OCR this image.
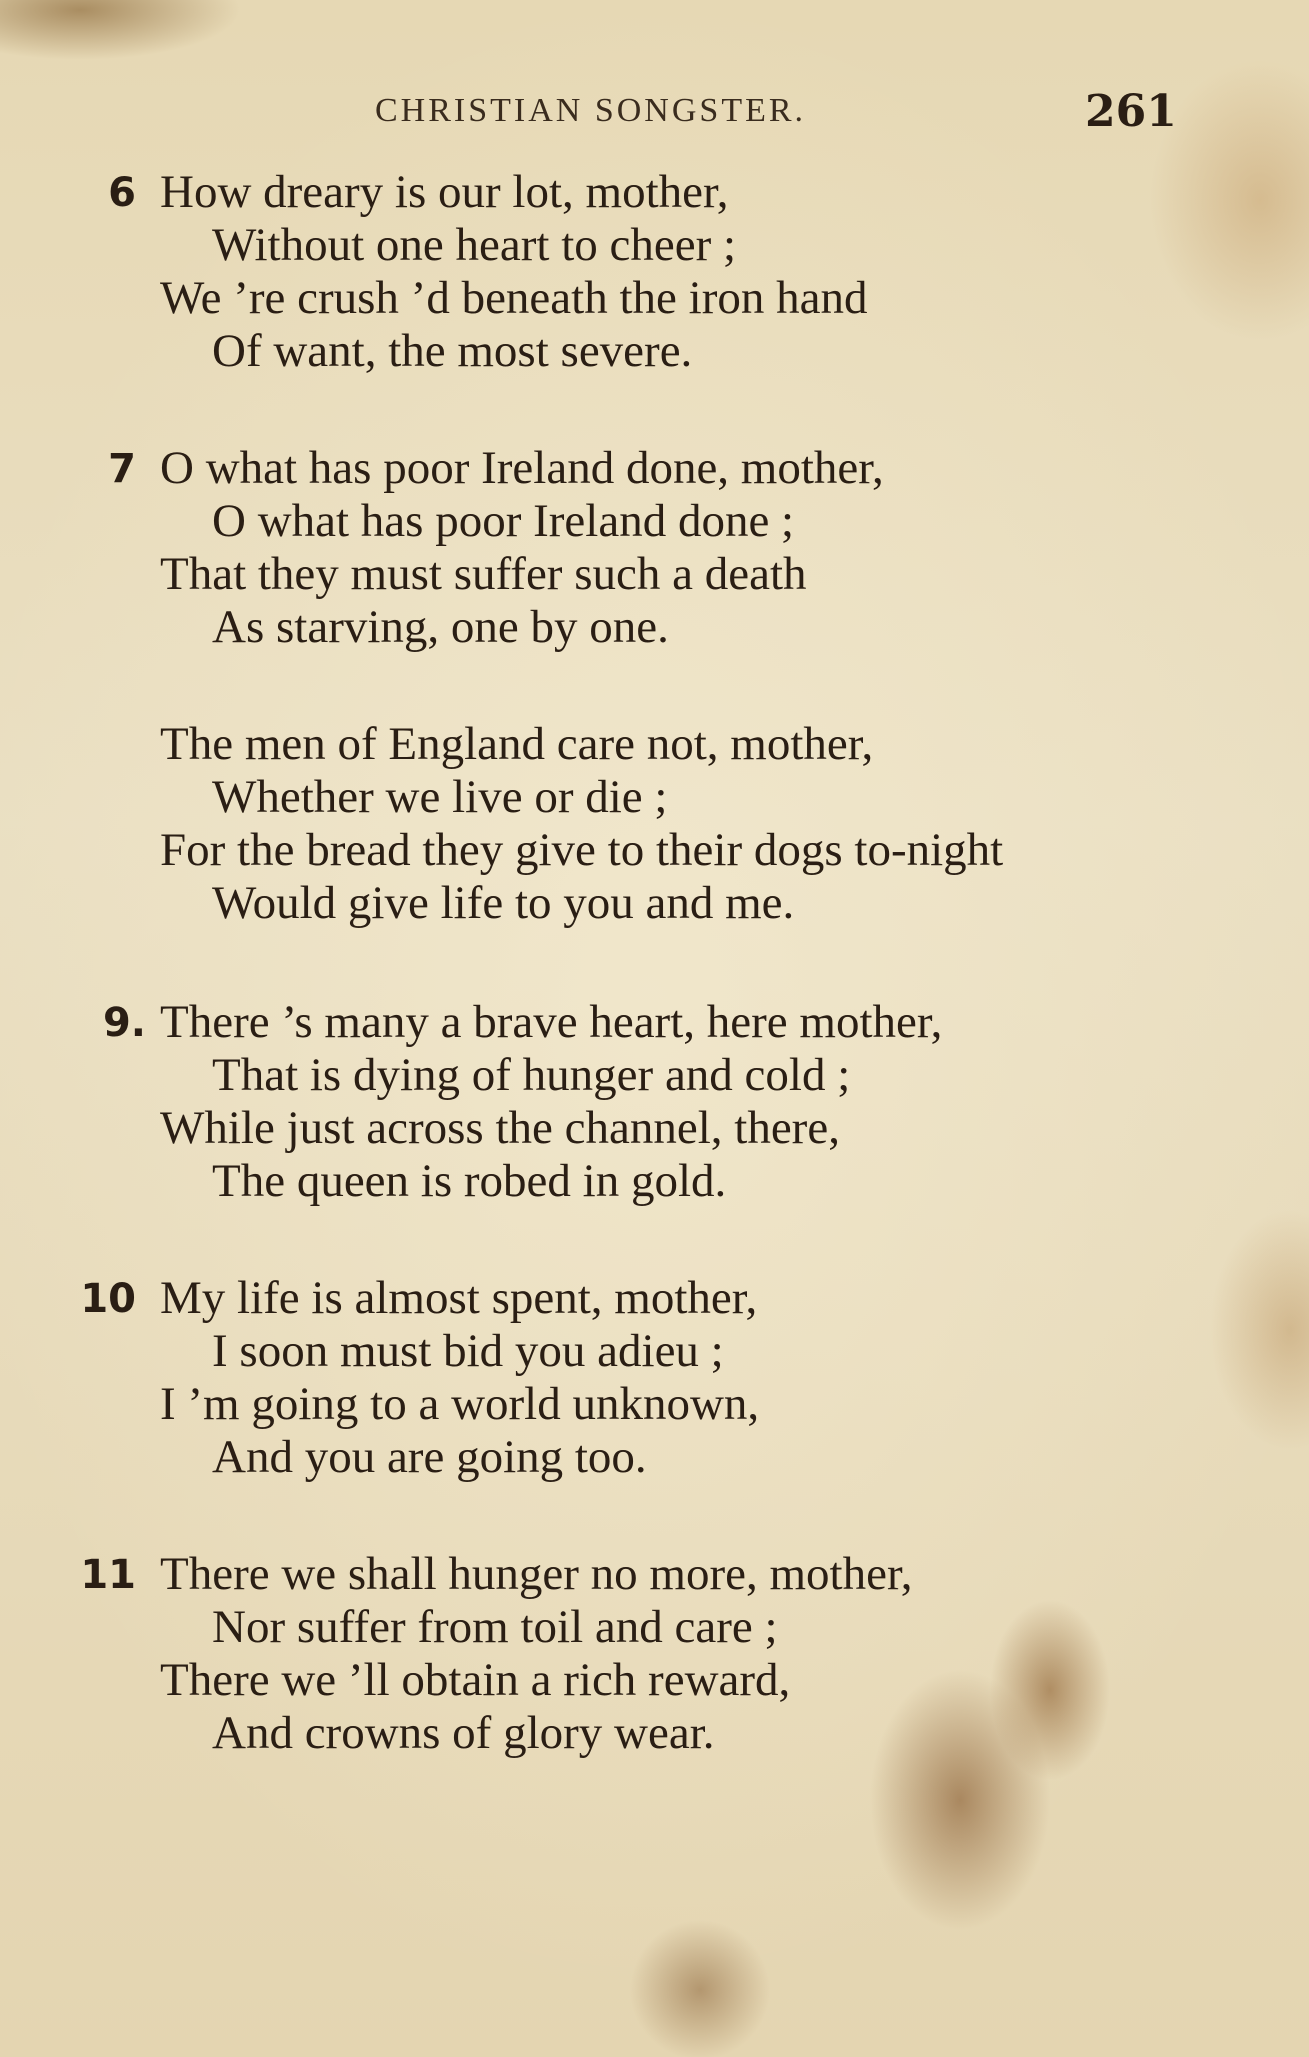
CHRISTIAN SONGSTER.	261
6 How dreary is our lot, mother,
Without one heart to cheer ;
We ’re crush ’d beneath the iron hand
Of want, the most severe.
7 O what has poor Ireland done, mother,
O what has poor Ireland done ;
That they must suffer such a death
As starving, one by one.
The men of England care not, mother,
Whether we live or die ;
For the bread they give to their dogs to-night
Would give life to you and me.
9. There ’s many a brave heart, here mother,
That is dying of hunger and cold ;
While just across the channel, there,
The queen is robed in gold.
10 My life is almost spent, mother,
I soon must bid you adieu ;
I ’m going to a world unknown,
And you are going too.
11 There we shall hunger no more, mother,
Nor suffer from toil and care ;
There we ’ll obtain a rich reward,
And crowns of glory wear.
